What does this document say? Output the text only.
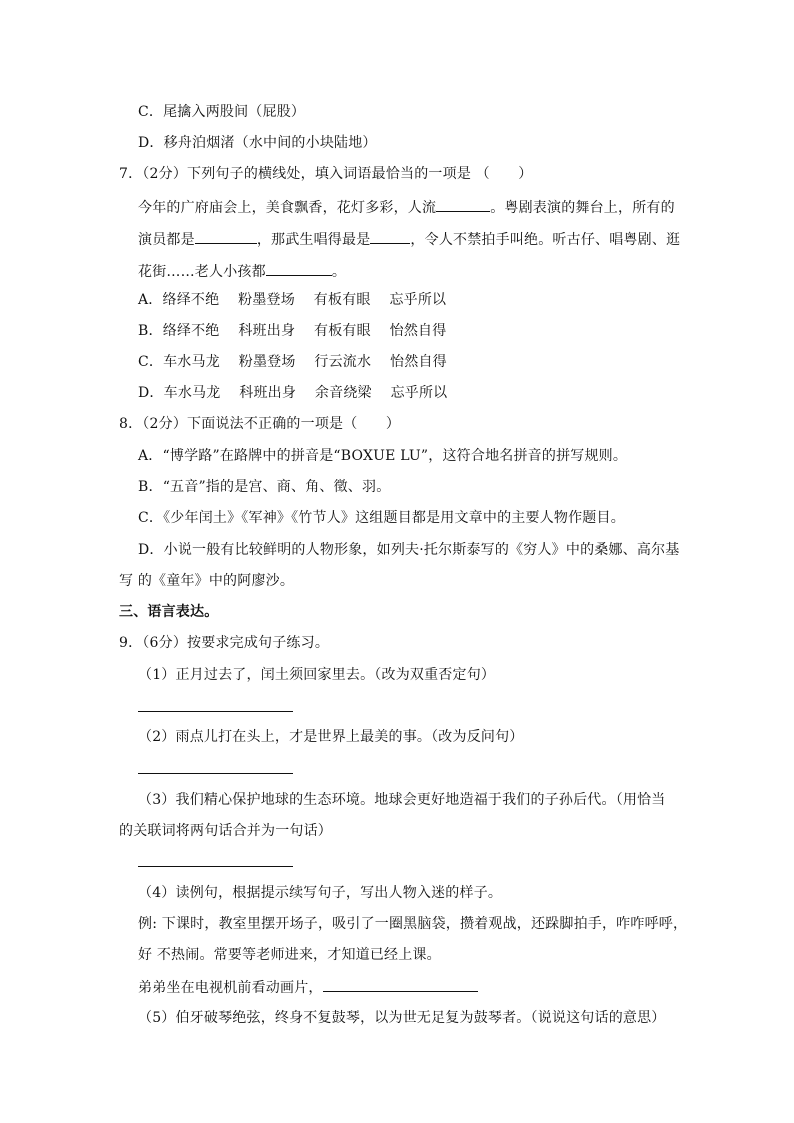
C．尾擒入两股间（屁股）
D．移舟泊烟渚（水中间的小块陆地）
7．（2分）下列句子的横线处，填入词语最恰当的一项是 （　　）
今年的广府庙会上，美食飘香，花灯多彩，人流	。粤剧表演的舞台上，所有的
演员都是	，那武生唱得最是	，令人不禁拍手叫绝。听古仔、唱粤剧、逛
花街……老人小孩都	。
A．络绎不绝　 粉墨登场　 有板有眼　 忘乎所以
B．络绎不绝　 科班出身　 有板有眼　 怡然自得
C．车水马龙　 粉墨登场　 行云流水　 怡然自得
D．车水马龙　 科班出身　 余音绕梁　 忘乎所以
8．（2分）下面说法不正确的一项是（　　）
A．“博学路”在路牌中的拼音是“BOXUE LU”，这符合地名拼音的拼写规则。
B．“五音”指的是宫、商、角、徵、羽。
C．《少年闰土》《军神》《竹节人》这组题目都是用文章中的主要人物作题目。
D．小说一般有比较鲜明的人物形象，如列夫·托尔斯泰写的《穷人》中的桑娜、高尔基
写 的《童年》中的阿廖沙。
三、语言表达。
9．（6分）按要求完成句子练习。
（1）正月过去了，闰土须回家里去。（改为双重否定句）
（2）雨点儿打在头上，才是世界上最美的事。（改为反问句）
（3）我们精心保护地球的生态环境。地球会更好地造福于我们的子孙后代。（用恰当
的关联词将两句话合并为一句话）
（4）读例句，根据提示续写句子，写出人物入迷的样子。
例: 下课时，教室里摆开场子，吸引了一圈黑脑袋，攒着观战，还跺脚拍手，咋咋呼呼，
好 不热闹。常要等老师进来，才知道已经上课。
弟弟坐在电视机前看动画片，
（5）伯牙破琴绝弦，终身不复鼓琴，以为世无足复为鼓琴者。（说说这句话的意思）
